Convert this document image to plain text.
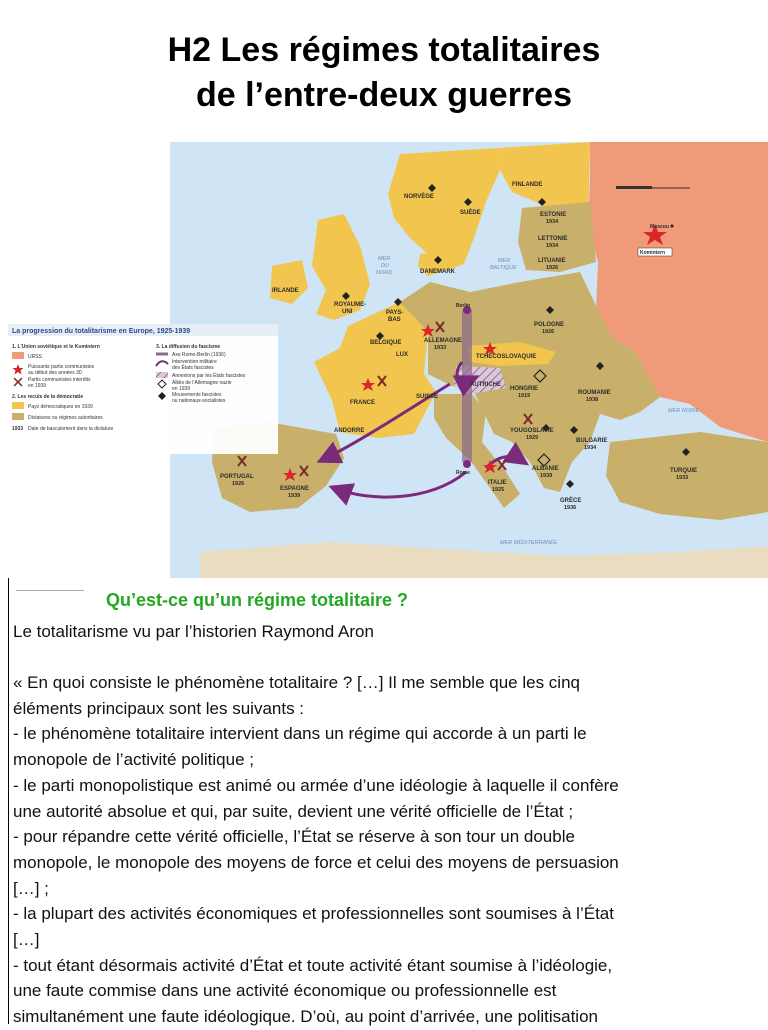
H2 Les régimes totalitaires
de l’entre-deux guerres
FINLANDE
NORVÈGE
SUÈDE	ESTONIE
1934
LETTONIE
1934
LITUANIE
1926
DANEMARK
IRLANDE
ROYAUME-
UNI	PAYS-
BAS
BELGIQUE
LUX
ALLEMAGNE
1933
POLOGNE
1926
TCHÉCOSLOVAQUIE
AUTRICHE
HONGRIE
1919	ROUMANIE
1938
FRANCE
SUISSE
YOUGOSLAVIE
1929	BULGARIE
1934
ANDORRE
PORTUGAL
1926
ESPAGNE
1939
ITALIE
1925
ALBANIE
1939
GRÈCE
1936
TURQUIE
1933
Moscou
Komintern
Berlin
Rome
MER
DU
NORD
MER
BALTIQUE
MER NOIRE
MER MÉDITERRANÉE
La progression du totalitarisme en Europe, 1925-1939
1. L’Union soviétique et le Komintern
URSS
Puissants partis communistes
au début des années 30
Partis communistes interdits
en 1939
2. Les reculs de la démocratie
Pays démocratiques en 1939
Dictatures ou régimes autoritaires
1933 Date de basculement dans la dictature
3. La diffusion du fascisme
Axe Rome-Berlin (1936)
Intervention militaire
des États fascistes
Annexions par les États fascistes
Alliés de l’Allemagne nazie
en 1939
Mouvements fascistes
ou nationaux-socialistes
Qu’est-ce qu’un régime totalitaire ?
Le totalitarisme vu par l’historien Raymond Aron
« En quoi consiste le phénomène totalitaire ? […] Il me semble que les cinq
éléments principaux sont les suivants :
- le phénomène totalitaire intervient dans un régime qui accorde à un parti le
monopole de l’activité politique ;
- le parti monopolistique est animé ou armée d’une idéologie à laquelle il confère
une autorité absolue et qui, par suite, devient une vérité officielle de l’État ;
- pour répandre cette vérité officielle, l’État se réserve à son tour un double
monopole, le monopole des moyens de force et celui des moyens de persuasion
[…] ;
- la plupart des activités économiques et professionnelles sont soumises à l’État
[…]
- tout étant désormais activité d’État et toute activité étant soumise à l’idéologie,
une faute commise dans une activité économique ou professionnelle est
simultanément une faute idéologique. D’où, au point d’arrivée, une politisation
